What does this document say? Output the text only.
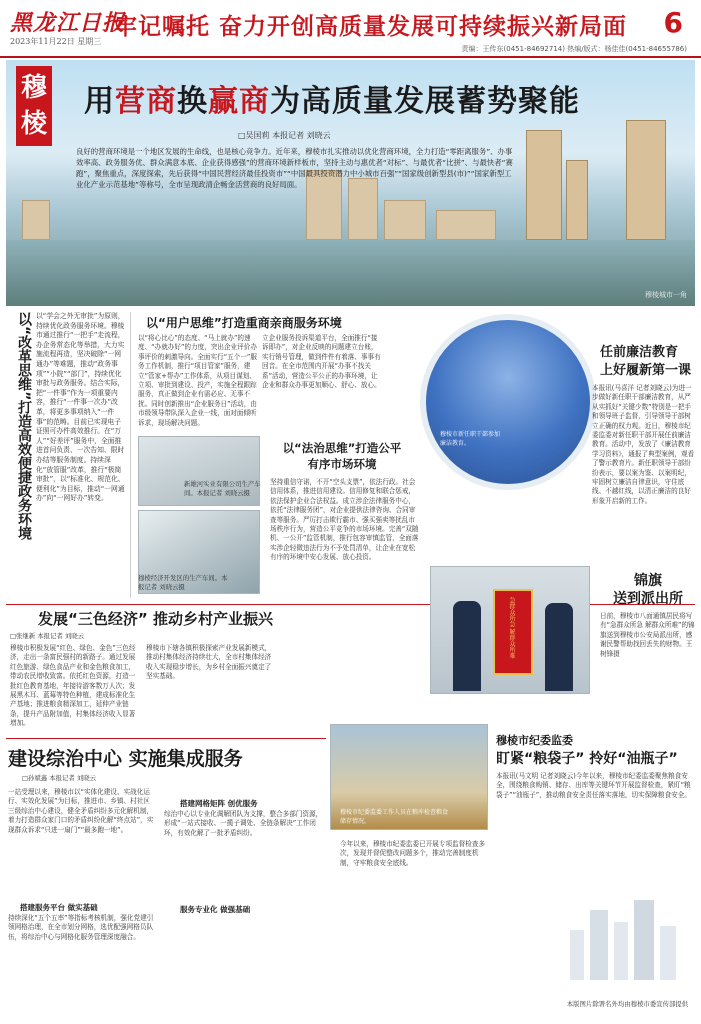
黑龙江日报
2023年11月22日 星期三
牢记嘱托 奋力开创高质量发展可持续振兴新局面 6
责编：王传东(0451-84692714) 热编/版式：杨佳佳(0451-84655786)
穆棱
用营商换赢商为高质量发展蓄势聚能
□吴国莉 本报记者 刘晓云
良好的营商环境是一个地区发展的生命线，也是核心竞争力。近年来，穆棱市扎实推动以优化营商环境，全力打造“零距离服务”、办事效率高、政务服务优、群众满意本底、企业获得感强”的营商环境新样板市，坚持主动与惠优者“对标”、与最优者“比拼”、与最快者“赛跑”，聚焦重点，深度探索，先后获得“中国民营经济最佳投资市”“中国最具投资潜力中小城市百强”“国家级创新型县(市)”“国家新型工业化产业示范基地”等称号，全市呈现政清企畅金活营商的良好局面。
穆棱城市一角
以“改革思维”打造高效便捷政务环境 以“学会之外无审批”为原则，持续优化政务服务环境。穆棱市通过推行“一把手”走流程，办企务常态化等举措，大力实施流程再造，坚决破除“一网通办”等难题，推动“政务事项”“小院”“部门”，持续优化审批与政务服务。结合实际，把“一件事”作为一项重要内容，推行“一件事一次办”改革，将更多事项纳入“一件事”的范畴。目前已实现电子证照可办件高效推行。在“万人”“好差评”服务中，全面推进首问负责、一次告知、限时办结等服务制度。持续深化“放管服”改革，推行“极简审批”，以“标准化、规范化、便利化”为目标，推动“一网通办”向“一网好办”转变。
以“用户思维”打造重商亲商服务环境
以“将心比心”的态度、“马上就办”的速度、“办就办好”的力度，突出企业评价办事评价的刺激导向。全面实行“五个一”服务工作机制，推行“项目管家”服务，建立“管家+帮办”工作体系，从项目谋划、立项、审批到建设、投产，实施全程跟踪服务，真正做到企业有需必应、无事不扰。同时创新推出“企业服务日”活动，由市级领导带队深入企业一线，面对面倾听诉求，现场解决问题。
立企业服务投诉渠道平台，全面推行“接诉即办”，对企业反映的问题建立台账，实行销号管理，做到件件有着落、事事有回音。在全市范围内开展“办事不找关系”活动，营造公平公正的办事环境，让企业和群众办事更加顺心、舒心、放心。
新雄河实业有限公司生产车间。本报记者 刘晓云摄
穆棱经济开发区的生产车间。本报记者 刘晓云摄
以“法治思维”打造公平有序市场环境
坚持重信守诺，不开“空头支票”，依法行政。社会信用体系，推进信用建设。信用修复和联合惩戒，依法保护企业合法权益。成立涉企法律服务中心，依托“法律服务团”，对企业提供法律咨询、合同审查等服务。严厉打击欺行霸市、强买强卖等扰乱市场秩序行为，营造公平竞争的市场环境。完善“双随机、一公开”监管机制，推行包容审慎监管，全面落实涉企轻微违法行为不予处罚清单，让企业在宽松有序的环境中安心发展、放心投资。
穆棱市新任职干部参加廉洁教育。
任前廉洁教育
上好履新第一课
本报讯(马喜洋 记者刘晓云)为进一步做好新任职干部廉洁教育，从严从实抓好“关键少数”特别是一把手和领导班子监督，引导领导干部树立正确的权力观。近日，穆棱市纪委监委对新任职干部开展任前廉洁教育。活动中，发放了《廉洁教育学习资料》，通报了典型案例，观看了警示教育片。新任职领导干部纷纷表示，要以案为鉴、以案明纪，牢固树立廉洁自律意识，守住底线、不越红线，以清正廉洁的良好形象开启新的工作。
发展“三色经济” 推动乡村产业振兴
□张继新 本报记者 刘晓云
穆棱市积极发展“红色、绿色、金色”三色经济，走出一条富民强村的新路子。通过发展红色旅游、绿色食品产业和金色粮食加工，带动农民增收致富。依托红色资源，打造一批红色教育基地，年接待游客数万人次；发展黑木耳、蓝莓等特色种植，建成标准化生产基地；推进粮食精深加工，延伸产业链条，提升产品附加值，村集体经济收入显著增加。
穆棱市下辖各镇积极探索产业发展新模式，推动村集体经济持续壮大，全市村集体经济收入实现稳步增长，为乡村全面振兴奠定了坚实基础。
急群众所急 解群众所难
锦旗
送到派出所
日前，穆棱市八面通镇居民将写有“急群众所急 解群众所难”的锦旗送到穆棱市公安局派出所，感谢民警帮助找回丢失的财物。王树锋摄
建设综治中心 实施集成服务
□孙斌鑫 本报记者 刘晓云
一站受理以来，穆棱市以“实体化建设、实战化运行、实效化发展”为目标，推进市、乡镇、村社区三级综治中心建设，健全矛盾纠纷多元化解机制，着力打造群众家门口的矛盾纠纷化解“终点站”，实现群众诉求“只进一扇门”“最多跑一地”。
搭建服务平台 做实基础
持续深化“五个五率”等指标考核机制，强化党建引领网格治理，在全市划分网格，选优配强网格员队伍，将综治中心与网格化服务管理深度融合。
搭建网格矩阵 创优服务
综治中心以专业化调解团队为支撑，整合多部门资源，形成“一站式接收、一揽子调处、全链条解决”工作闭环，有效化解了一批矛盾纠纷。
服务专业化 做强基础
穆棱市纪委监委工作人员在粮库检查粮食储存情况。
穆棱市纪委监委
盯紧“粮袋子” 拎好“油瓶子”
本报讯(马文明 记者刘晓云)今年以来，穆棱市纪委监委聚焦粮食安全，围绕粮食购销、储存、出库等关键环节开展监督检查，紧盯“粮袋子”“油瓶子”，推动粮食安全责任落实落地，切实保障粮食安全。
今年以来，穆棱市纪委监委已开展专项监督检查多次，发现并督促整改问题多个，推动完善制度机制，守牢粮食安全底线。
本版图片除署名外均由穆棱市委宣传部提供
